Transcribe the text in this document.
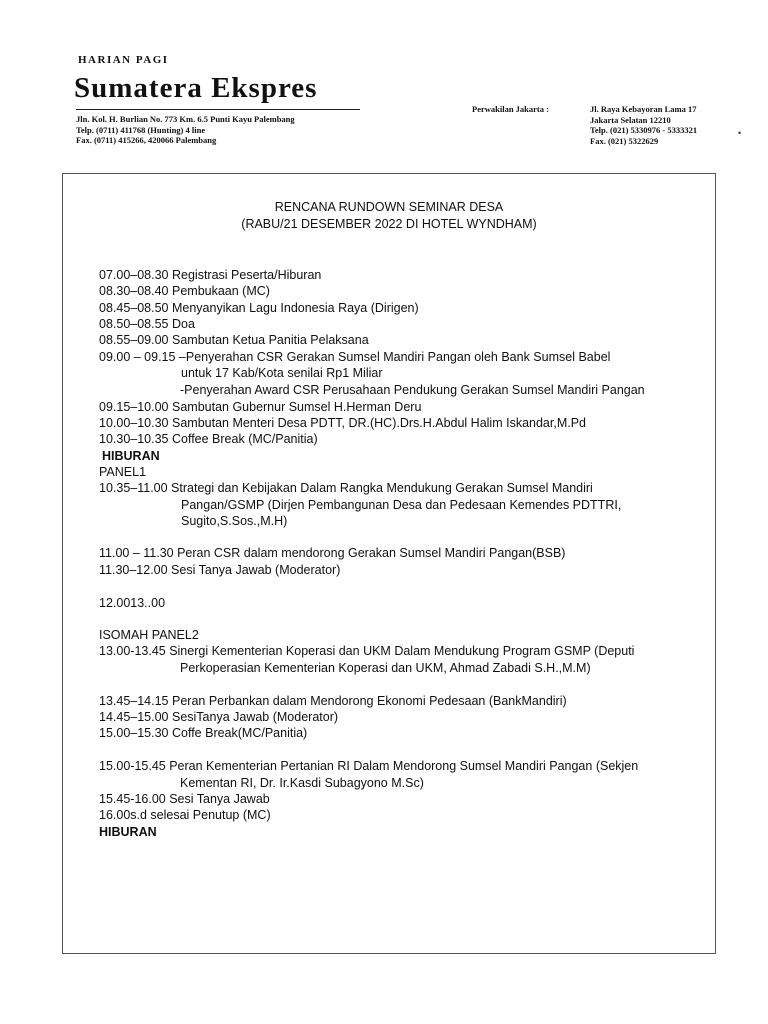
HARIAN PAGI
Sumatera Ekspres
Jln. Kol. H. Burlian No. 773 Km. 6.5 Punti Kayu Palembang
Telp. (0711) 411768 (Hunting) 4 line
Fax. (0711) 415266, 420066 Palembang
Perwakilan Jakarta :	Jl. Raya Kebayoran Lama 17
Jakarta Selatan 12210
Telp. (021) 5330976 - 5333321
Fax. (021) 5322629
•
RENCANA RUNDOWN SEMINAR DESA
(RABU/21 DESEMBER 2022 DI HOTEL WYNDHAM)
07.00–08.30 Registrasi Peserta/Hiburan
08.30–08.40 Pembukaan (MC)
08.45–08.50 Menyanyikan Lagu Indonesia Raya (Dirigen)
08.50–08.55 Doa
08.55–09.00 Sambutan Ketua Panitia Pelaksana
09.00 – 09.15 –Penyerahan CSR Gerakan Sumsel Mandiri Pangan oleh Bank Sumsel Babel
untuk 17 Kab/Kota senilai Rp1 Miliar
-Penyerahan Award CSR Perusahaan Pendukung Gerakan Sumsel Mandiri Pangan
09.15–10.00 Sambutan Gubernur Sumsel H.Herman Deru
10.00–10.30 Sambutan Menteri Desa PDTT, DR.(HC).Drs.H.Abdul Halim Iskandar,M.Pd
10.30–10.35 Coffee Break (MC/Panitia)
HIBURAN
PANEL1
10.35–11.00 Strategi dan Kebijakan Dalam Rangka Mendukung Gerakan Sumsel Mandiri
Pangan/GSMP (Dirjen Pembangunan Desa dan Pedesaan Kemendes PDTTRI,
Sugito,S.Sos.,M.H)
11.00 – 11.30 Peran CSR dalam mendorong Gerakan Sumsel Mandiri Pangan(BSB)
11.30–12.00 Sesi Tanya Jawab (Moderator)
12.0013..00
ISOMAH PANEL2
13.00-13.45 Sinergi Kementerian Koperasi dan UKM Dalam Mendukung Program GSMP (Deputi
Perkoperasian Kementerian Koperasi dan UKM, Ahmad Zabadi S.H.,M.M)
13.45–14.15 Peran Perbankan dalam Mendorong Ekonomi Pedesaan (BankMandiri)
14.45–15.00 SesiTanya Jawab (Moderator)
15.00–15.30 Coffe Break(MC/Panitia)
15.00-15.45 Peran Kementerian Pertanian RI Dalam Mendorong Sumsel Mandiri Pangan (Sekjen
Kementan RI, Dr. Ir.Kasdi Subagyono M.Sc)
15.45-16.00 Sesi Tanya Jawab
16.00s.d selesai Penutup (MC)
HIBURAN
